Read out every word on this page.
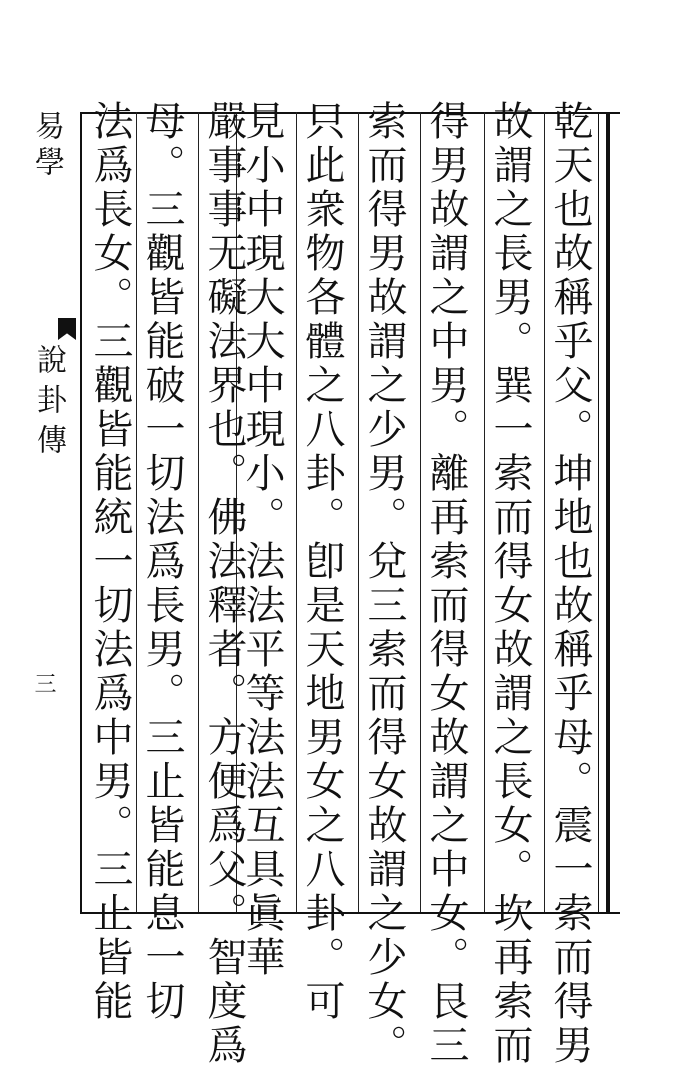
乾天也故稱乎父。坤地也故稱乎母。震一索而得男
故謂之長男。巽一索而得女故謂之長女。坎再索而
得男故謂之中男。離再索而得女故謂之中女。艮三
索而得男故謂之少男。兌三索而得女故謂之少女。
只此衆物各體之八卦。卽是天地男女之八卦。可
見小中現大大中現小。法法平等法法互具眞華
嚴事事无礙法界也。佛法釋者。方便爲父。智度爲
母。三觀皆能破一切法爲長男。三止皆能息一切
法爲長女。三觀皆能統一切法爲中男。三止皆能
易學
說卦傳
三
